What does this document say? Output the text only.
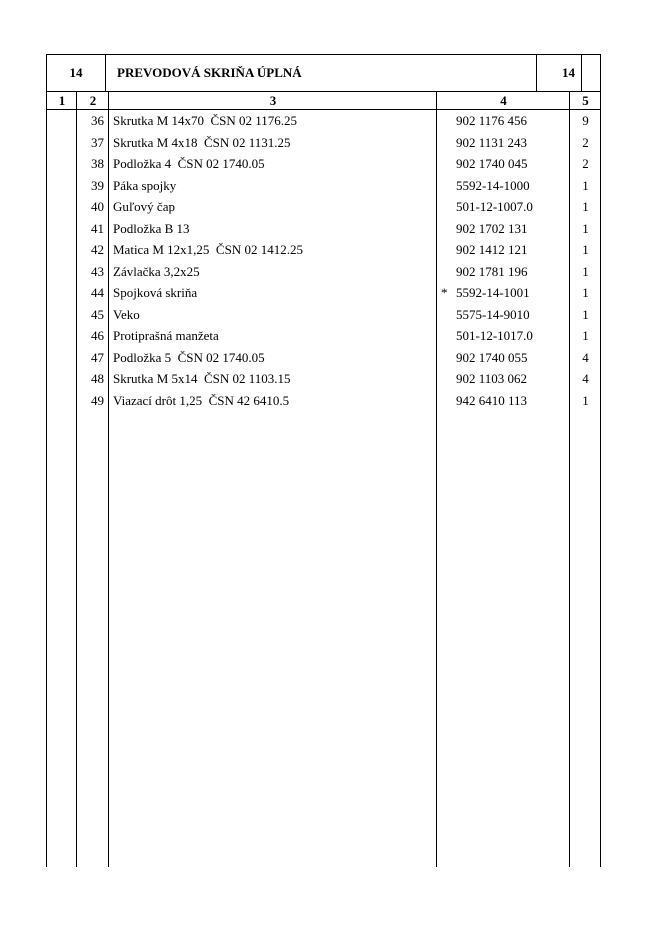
14	PREVODOVÁ SKRIŇA ÚPLNÁ	14
1	2	3	4	5
36 Skrutka M 14x70  ČSN 02 1176.25	902 1176 456	9
37 Skrutka M 4x18  ČSN 02 1131.25	902 1131 243	2
38 Podložka 4  ČSN 02 1740.05	902 1740 045	2
39 Páka spojky	5592-14-1000	1
40 Guľový čap	501-12-1007.0	1
41 Podložka B 13	902 1702 131	1
42 Matica M 12x1,25  ČSN 02 1412.25	902 1412 121	1
43 Závlačka 3,2x25	902 1781 196	1
44 Spojková skriňa	* 5592-14-1001	1
45 Veko	5575-14-9010	1
46 Protiprašná manžeta	501-12-1017.0	1
47 Podložka 5  ČSN 02 1740.05	902 1740 055	4
48 Skrutka M 5x14  ČSN 02 1103.15	902 1103 062	4
49 Viazací drôt 1,25  ČSN 42 6410.5	942 6410 113	1
